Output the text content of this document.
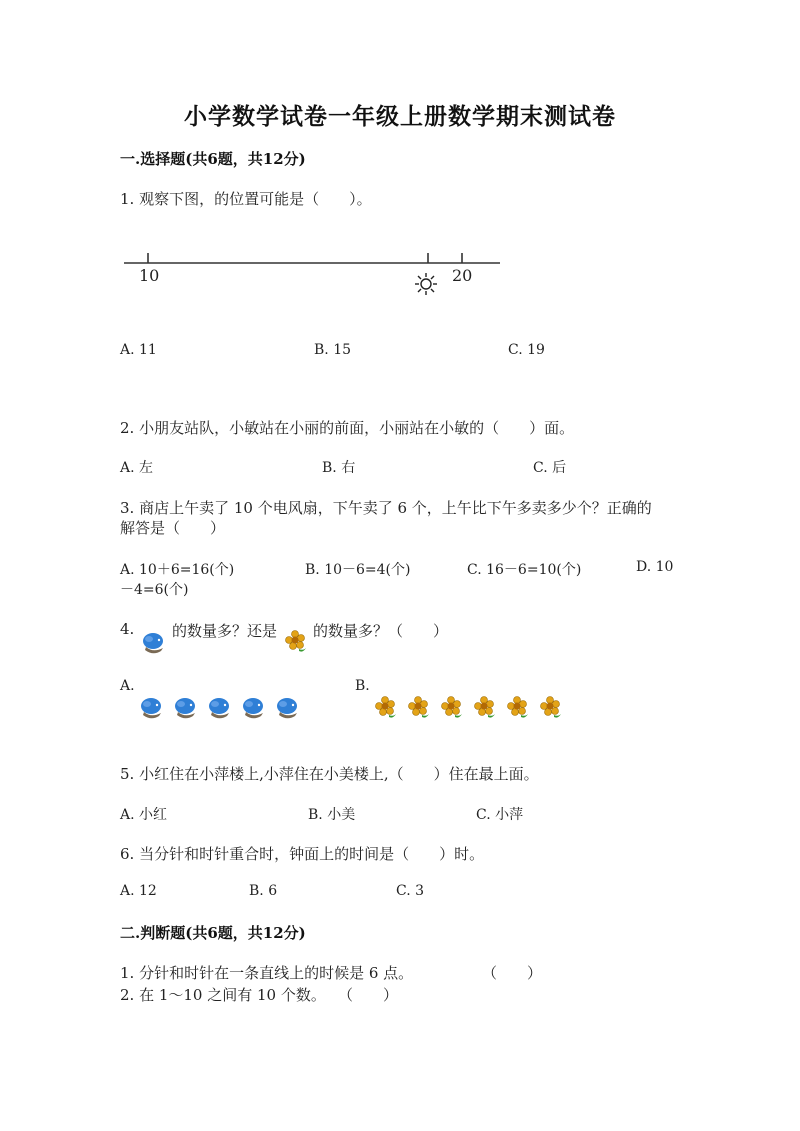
小学数学试卷一年级上册数学期末测试卷
一.选择题(共6题，共12分)
1. 观察下图，的位置可能是（　　）。
10	20
A. 11	B. 15	C. 19
2. 小朋友站队，小敏站在小丽的前面，小丽站在小敏的（　　）面。
A. 左	B. 右	C. 后
3. 商店上午卖了 10 个电风扇，下午卖了 6 个，上午比下午多卖多少个？正确的
解答是（　　）
A. 10＋6=16(个)	B. 10－6=4(个)	C. 16－6=10(个)	D. 10
－4=6(个)
4.	的数量多？还是 的数量多？（　　）
A.	B.
5. 小红住在小萍楼上,小萍住在小美楼上,（　　）住在最上面。
A. 小红	B. 小美	C. 小萍
6. 当分针和时针重合时，钟面上的时间是（　　）时。
A. 12	B. 6	C. 3
二.判断题(共6题，共12分)
1. 分针和时针在一条直线上的时候是 6 点。	（　　）
2. 在 1～10 之间有 10 个数。 （　　）
